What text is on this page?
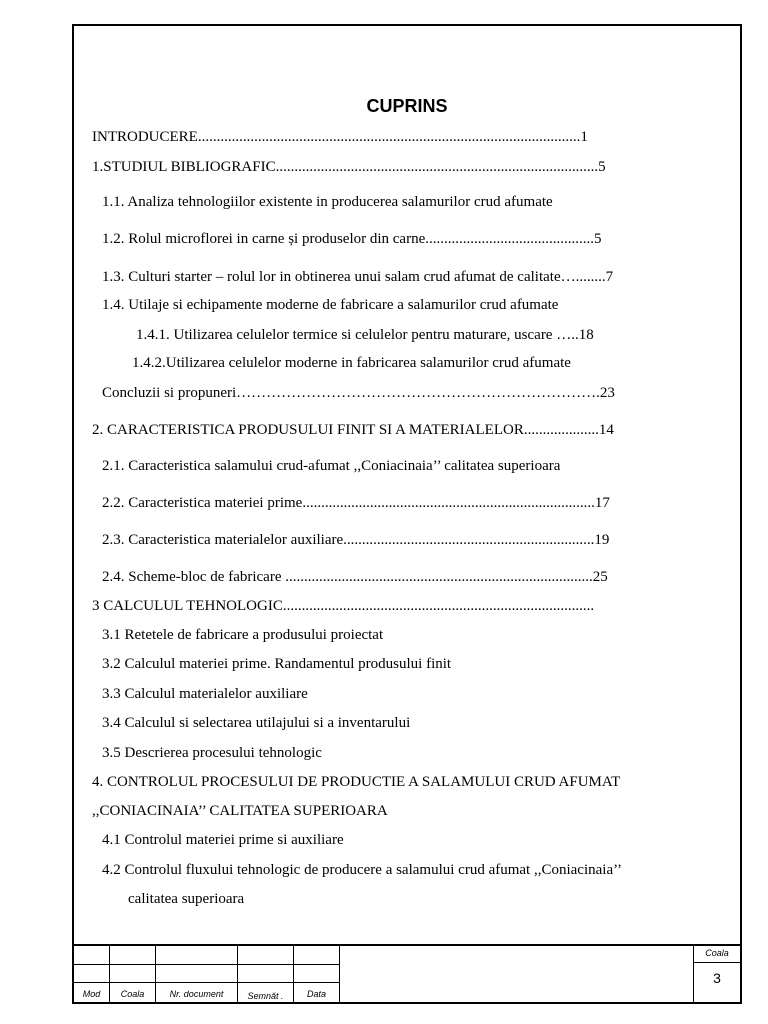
CUPRINS
INTRODUCERE......................................................................................................1
1.STUDIUL BIBLIOGRAFIC......................................................................................5
1.1. Analiza tehnologiilor existente in producerea salamurilor crud afumate
1.2. Rolul microflorei in carne și produselor din carne.............................................5
1.3. Culturi starter – rolul lor in obtinerea unui salam crud afumat de calitate…........7
1.4. Utilaje si echipamente moderne de fabricare a salamurilor crud afumate
1.4.1. Utilizarea celulelor termice si celulelor pentru maturare, uscare …..18
1.4.2.Utilizarea celulelor moderne in fabricarea salamurilor crud afumate
Concluzii si propuneri……………………………………………………………….23
2. CARACTERISTICA PRODUSULUI FINIT SI A MATERIALELOR....................14
2.1. Caracteristica salamului crud-afumat ,,Coniacinaia’’ calitatea superioara
2.2. Caracteristica materiei prime..............................................................................17
2.3. Caracteristica materialelor auxiliare...................................................................19
2.4. Scheme-bloc de fabricare ..................................................................................25
3 CALCULUL TEHNOLOGIC...................................................................................
3.1 Retetele de fabricare a produsului proiectat
3.2 Calculul materiei prime. Randamentul produsului finit
3.3 Calculul materialelor auxiliare
3.4 Calculul si selectarea utilajului si a inventarului
3.5 Descrierea procesului tehnologic
4. CONTROLUL PROCESULUI DE PRODUCTIE A SALAMULUI CRUD AFUMAT
,,CONIACINAIA’’ CALITATEA SUPERIOARA
4.1 Controlul materiei prime si auxiliare
4.2 Controlul fluxului tehnologic de producere a salamului crud afumat ,,Coniacinaia’’
calitatea superioara
Mod	Coala	Nr. document	Semnăt .	Data
Coala
3
